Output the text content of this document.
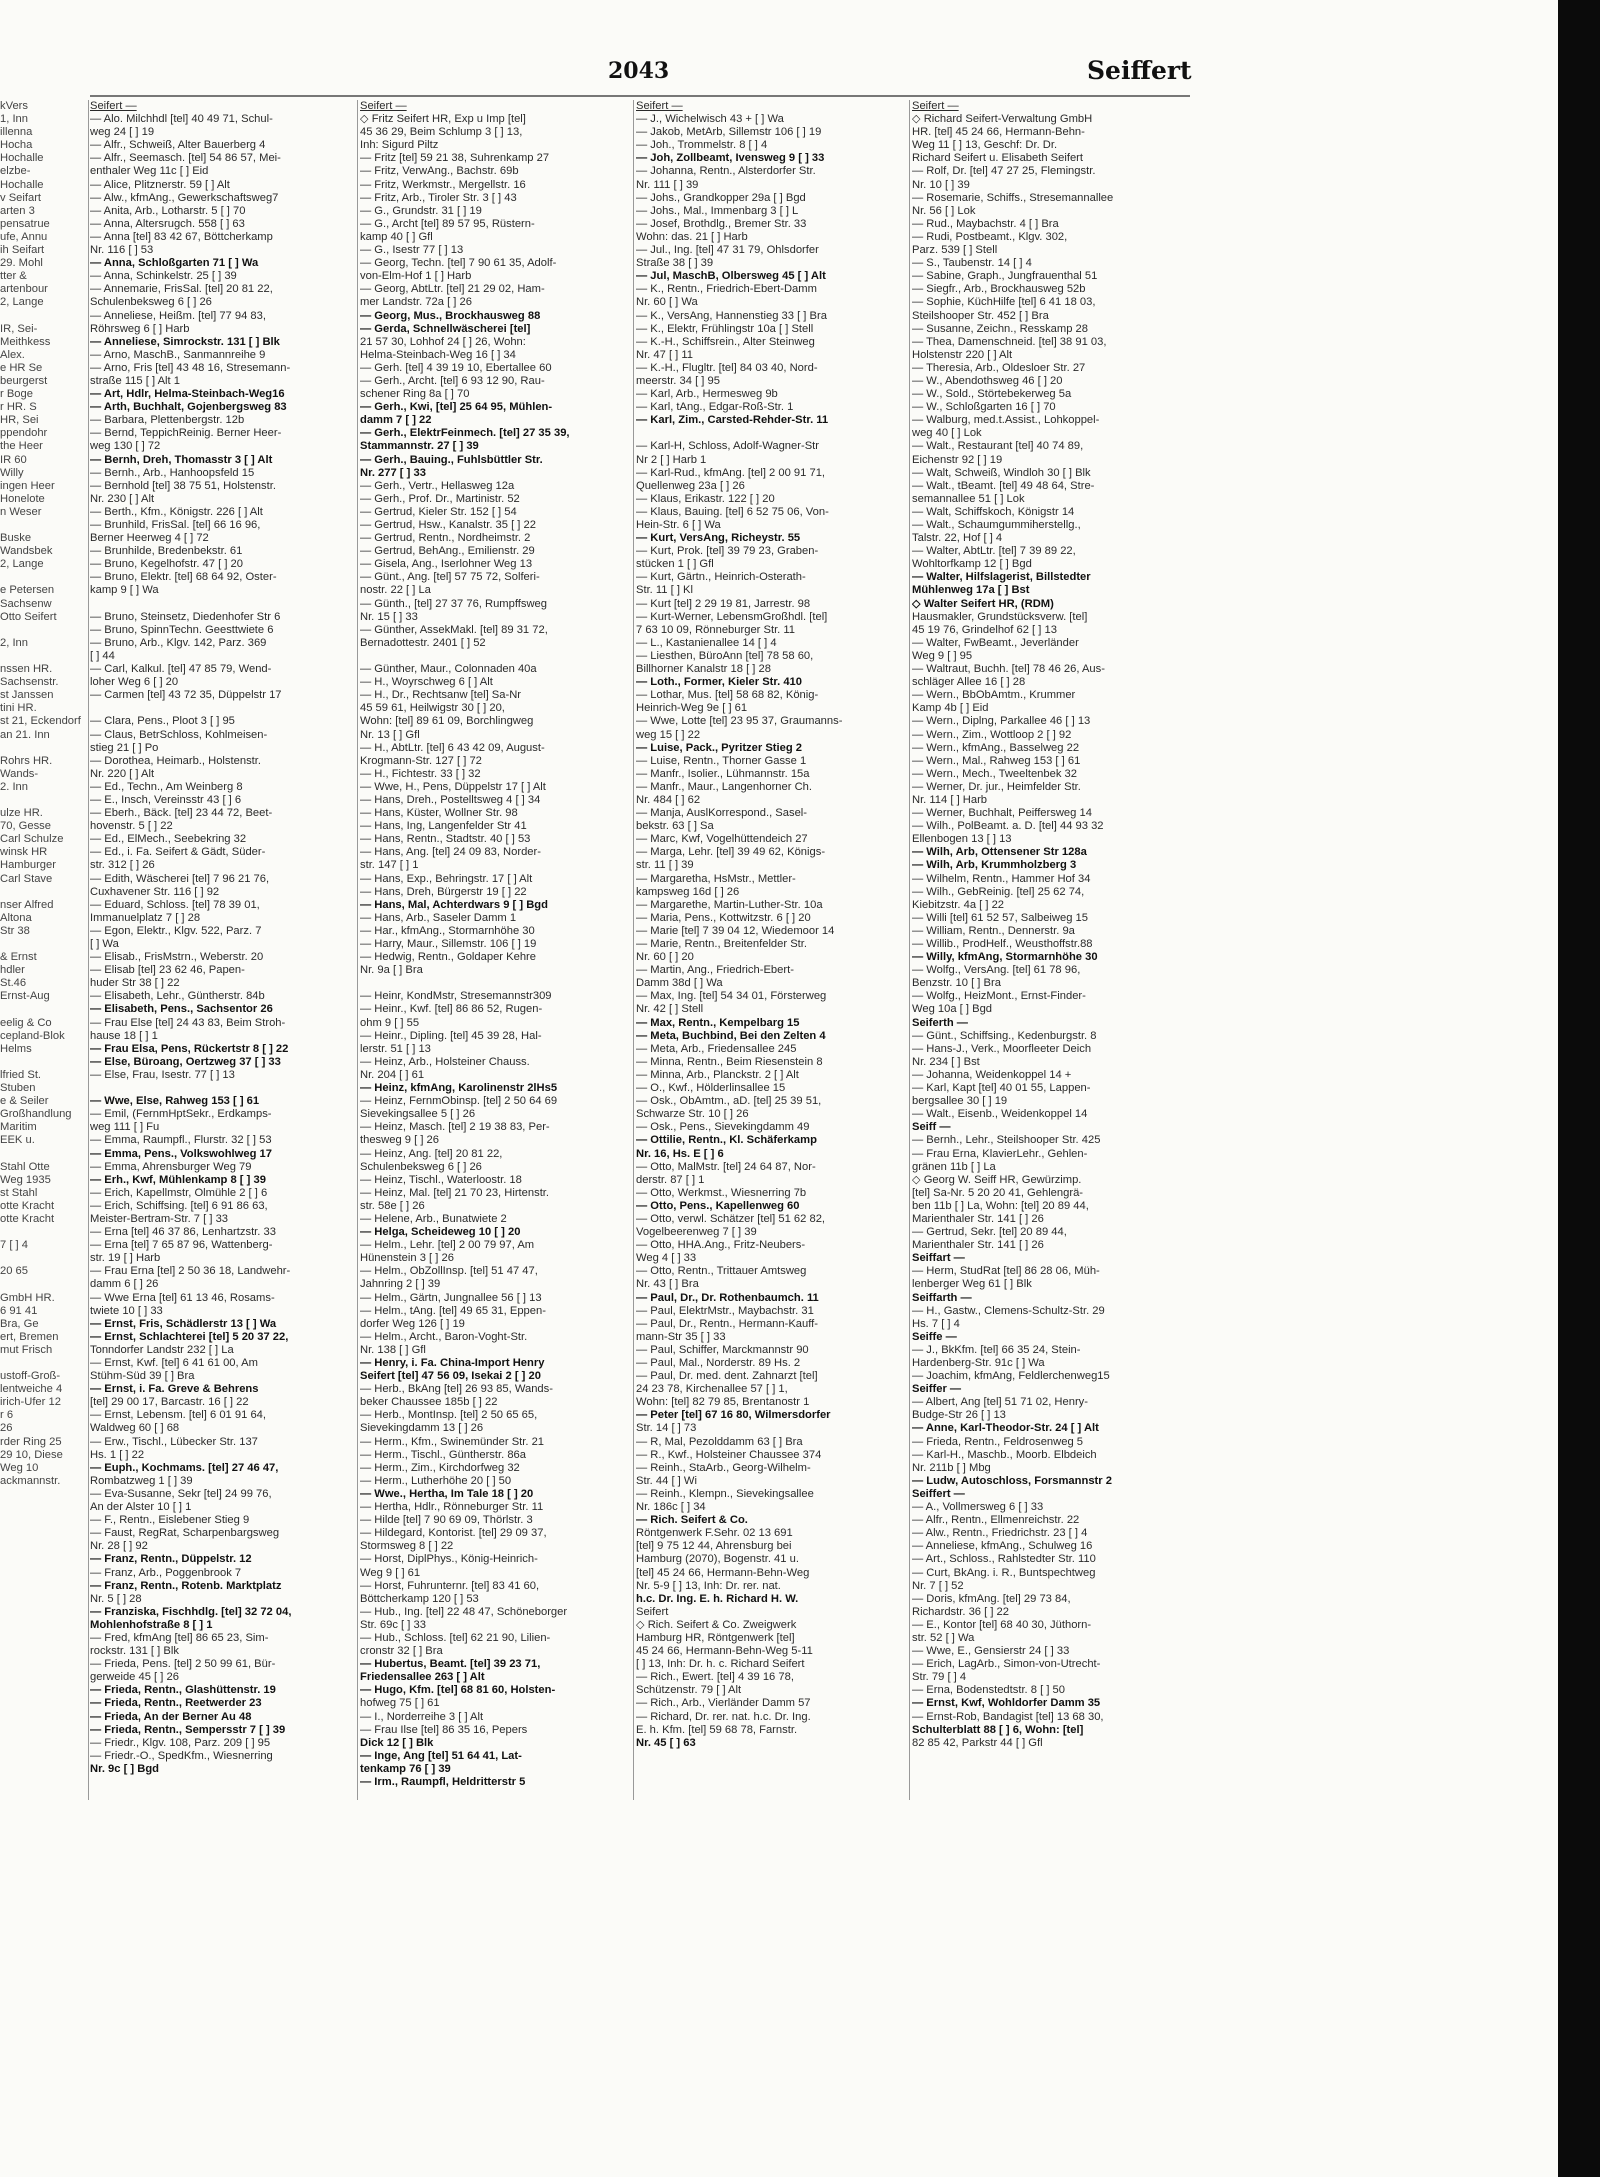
2043	Seiffert
kVers
1, Inn
illenna
Hocha
Hochalle
elzbe-
Hochalle
v Seifart
arten 3
pensatrue
ufe, Annu
ih Seifart
29. Mohl
tter &
artenbour
2, Lange

IR, Sei-
Meithkess
Alex.
e HR Se
beurgerst
r Boge
r HR. S
HR, Sei
ppendohr
the Heer
IR 60
Willy
ingen Heer
Honelote
n Weser

Buske
Wandsbek
2, Lange

e Petersen
Sachsenw
Otto Seifert

2, Inn

nssen HR.
Sachsenstr.
st Janssen
tini HR.
st 21, Eckendorf
an 21. Inn

Rohrs HR.
Wands-
2. Inn

ulze HR.
70, Gesse
Carl Schulze
winsk HR
Hamburger
Carl Stave

nser Alfred
Altona
Str 38

& Ernst
hdler
St.46
Ernst-Aug

eelig & Co
cepland-Blok
Helms

lfried St.
Stuben
e & Seiler
Großhandlung
Maritim
EEK u.

Stahl Otte
Weg 1935
st Stahl
otte Kracht
otte Kracht

7 [ ] 4

20 65

GmbH HR.
6 91 41
Bra, Ge
ert, Bremen
mut Frisch

ustoff-Groß-
lentweiche 4
irich-Ufer 12
r 6
26
rder Ring 25
29 10, Diese
Weg 10
ackmannstr.
Seifert —
— Alo. Milchhdl [tel] 40 49 71, Schul-
weg 24 [ ] 19
— Alfr., Schweiß, Alter Bauerberg 4
— Alfr., Seemasch. [tel] 54 86 57, Mei-
enthaler Weg 11c [ ] Eid
— Alice, Plitznerstr. 59 [ ] Alt
— Alw., kfmAng., Gewerkschaftsweg7
— Anita, Arb., Lotharstr. 5 [ ] 70
— Anna, Altersrugch. 558 [ ] 63
— Anna [tel] 83 42 67, Böttcherkamp
Nr. 116 [ ] 53
— Anna, Schloßgarten 71 [ ] Wa
— Anna, Schinkelstr. 25 [ ] 39
— Annemarie, FrisSal. [tel] 20 81 22,
Schulenbeksweg 6 [ ] 26
— Anneliese, Heißm. [tel] 77 94 83,
Röhrsweg 6 [ ] Harb
— Anneliese, Simrockstr. 131 [ ] Blk
— Arno, MaschB., Sanmannreihe 9
— Arno, Fris [tel] 43 48 16, Stresemann-
straße 115 [ ] Alt 1
— Art, Hdlr, Helma-Steinbach-Weg16
— Arth, Buchhalt, Gojenbergsweg 83
— Barbara, Plettenbergstr. 12b
— Bernd, TeppichReinig. Berner Heer-
weg 130 [ ] 72
— Bernh, Dreh, Thomasstr 3 [ ] Alt
— Bernh., Arb., Hanhoopsfeld 15
— Bernhold [tel] 38 75 51, Holstenstr.
Nr. 230 [ ] Alt
— Berth., Kfm., Königstr. 226 [ ] Alt
— Brunhild, FrisSal. [tel] 66 16 96,
Berner Heerweg 4 [ ] 72
— Brunhilde, Bredenbekstr. 61
— Bruno, Kegelhofstr. 47 [ ] 20
— Bruno, Elektr. [tel] 68 64 92, Oster-
kamp 9 [ ] Wa

— Bruno, Steinsetz, Diedenhofer Str 6
— Bruno, SpinnTechn. Geesttwiete 6
— Bruno, Arb., Klgv. 142, Parz. 369
[ ] 44
— Carl, Kalkul. [tel] 47 85 79, Wend-
loher Weg 6 [ ] 20
— Carmen [tel] 43 72 35, Düppelstr 17

— Clara, Pens., Ploot 3 [ ] 95
— Claus, BetrSchloss, Kohlmeisen-
stieg 21 [ ] Po
— Dorothea, Heimarb., Holstenstr.
Nr. 220 [ ] Alt
— Ed., Techn., Am Weinberg 8
— E., Insch, Vereinsstr 43 [ ] 6
— Eberh., Bäck. [tel] 23 44 72, Beet-
hovenstr. 5 [ ] 22
— Ed., ElMech., Seebekring 32
— Ed., i. Fa. Seifert & Gädt, Süder-
str. 312 [ ] 26
— Edith, Wäscherei [tel] 7 96 21 76,
Cuxhavener Str. 116 [ ] 92
— Eduard, Schloss. [tel] 78 39 01,
Immanuelplatz 7 [ ] 28
— Egon, Elektr., Klgv. 522, Parz. 7
[ ] Wa
— Elisab., FrisMstrn., Weberstr. 20
— Elisab [tel] 23 62 46, Papen-
huder Str 38 [ ] 22
— Elisabeth, Lehr., Güntherstr. 84b
— Elisabeth, Pens., Sachsentor 26
— Frau Else [tel] 24 43 83, Beim Stroh-
hause 18 [ ] 1
— Frau Elsa, Pens, Rückertstr 8 [ ] 22
— Else, Büroang, Oertzweg 37 [ ] 33
— Else, Frau, Isestr. 77 [ ] 13

— Wwe, Else, Rahweg 153 [ ] 61
— Emil, (FernmHptSekr., Erdkamps-
weg 111 [ ] Fu
— Emma, Raumpfl., Flurstr. 32 [ ] 53
— Emma, Pens., Volkswohlweg 17
— Emma, Ahrensburger Weg 79
— Erh., Kwf, Mühlenkamp 8 [ ] 39
— Erich, Kapellmstr, Olmühle 2 [ ] 6
— Erich, Schiffsing. [tel] 6 91 86 63,
Meister-Bertram-Str. 7 [ ] 33
— Erna [tel] 46 37 86, Lenhartzstr. 33
— Erna [tel] 7 65 87 96, Wattenberg-
str. 19 [ ] Harb
— Frau Erna [tel] 2 50 36 18, Landwehr-
damm 6 [ ] 26
— Wwe Erna [tel] 61 13 46, Rosams-
twiete 10 [ ] 33
— Ernst, Fris, Schädlerstr 13 [ ] Wa
— Ernst, Schlachterei [tel] 5 20 37 22,
Tonndorfer Landstr 232 [ ] La
— Ernst, Kwf. [tel] 6 41 61 00, Am
Stühm-Süd 39 [ ] Bra
— Ernst, i. Fa. Greve & Behrens
[tel] 29 00 17, Barcastr. 16 [ ] 22
— Ernst, Lebensm. [tel] 6 01 91 64,
Waldweg 60 [ ] 68
— Erw., Tischl., Lübecker Str. 137
Hs. 1 [ ] 22
— Euph., Kochmams. [tel] 27 46 47,
Rombatzweg 1 [ ] 39
— Eva-Susanne, Sekr [tel] 24 99 76,
An der Alster 10 [ ] 1
— F., Rentn., Eislebener Stieg 9
— Faust, RegRat, Scharpenbargsweg
Nr. 28 [ ] 92
— Franz, Rentn., Düppelstr. 12
— Franz, Arb., Poggenbrook 7
— Franz, Rentn., Rotenb. Marktplatz
Nr. 5 [ ] 28
— Franziska, Fischhdlg. [tel] 32 72 04,
Mohlenhofstraße 8 [ ] 1
— Fred, kfmAng [tel] 86 65 23, Sim-
rockstr. 131 [ ] Blk
— Frieda, Pens. [tel] 2 50 99 61, Bür-
gerweide 45 [ ] 26
— Frieda, Rentn., Glashüttenstr. 19
— Frieda, Rentn., Reetwerder 23
— Frieda, An der Berner Au 48
— Frieda, Rentn., Sempersstr 7 [ ] 39
— Friedr., Klgv. 108, Parz. 209 [ ] 95
— Friedr.-O., SpedKfm., Wiesnerring
Nr. 9c [ ] Bgd
Seifert —
◇ Fritz Seifert HR, Exp u Imp [tel]
45 36 29, Beim Schlump 3 [ ] 13,
Inh: Sigurd Piltz
— Fritz [tel] 59 21 38, Suhrenkamp 27
— Fritz, VerwAng., Bachstr. 69b
— Fritz, Werkmstr., Mergellstr. 16
— Fritz, Arb., Tiroler Str. 3 [ ] 43
— G., Grundstr. 31 [ ] 19
— G., Archt [tel] 89 57 95, Rüstern-
kamp 40 [ ] Gfl
— G., Isestr 77 [ ] 13
— Georg, Techn. [tel] 7 90 61 35, Adolf-
von-Elm-Hof 1 [ ] Harb
— Georg, AbtLtr. [tel] 21 29 02, Ham-
mer Landstr. 72a [ ] 26
— Georg, Mus., Brockhausweg 88
— Gerda, Schnellwäscherei [tel]
21 57 30, Lohhof 24 [ ] 26, Wohn:
Helma-Steinbach-Weg 16 [ ] 34
— Gerh. [tel] 4 39 19 10, Ebertallee 60
— Gerh., Archt. [tel] 6 93 12 90, Rau-
schener Ring 8a [ ] 70
— Gerh., Kwi, [tel] 25 64 95, Mühlen-
damm 7 [ ] 22
— Gerh., ElektrFeinmech. [tel] 27 35 39,
Stammannstr. 27 [ ] 39
— Gerh., Bauing., Fuhlsbüttler Str.
Nr. 277 [ ] 33
— Gerh., Vertr., Hellasweg 12a
— Gerh., Prof. Dr., Martinistr. 52
— Gertrud, Kieler Str. 152 [ ] 54
— Gertrud, Hsw., Kanalstr. 35 [ ] 22
— Gertrud, Rentn., Nordheimstr. 2
— Gertrud, BehAng., Emilienstr. 29
— Gisela, Ang., Iserlohner Weg 13
— Günt., Ang. [tel] 57 75 72, Solferi-
nostr. 22 [ ] La
— Günth., [tel] 27 37 76, Rumpffsweg
Nr. 15 [ ] 33
— Günther, AssekMakl. [tel] 89 31 72,
Bernadottestr. 2401 [ ] 52

— Günther, Maur., Colonnaden 40a
— H., Woyrschweg 6 [ ] Alt
— H., Dr., Rechtsanw [tel] Sa-Nr
45 59 61, Heilwigstr 30 [ ] 20,
Wohn: [tel] 89 61 09, Borchlingweg
Nr. 13 [ ] Gfl
— H., AbtLtr. [tel] 6 43 42 09, August-
Krogmann-Str. 127 [ ] 72
— H., Fichtestr. 33 [ ] 32
— Wwe, H., Pens, Düppelstr 17 [ ] Alt
— Hans, Dreh., Postelltsweg 4 [ ] 34
— Hans, Küster, Wollner Str. 98
— Hans, Ing, Langenfelder Str 41
— Hans, Rentn., Stadtstr. 40 [ ] 53
— Hans, Ang. [tel] 24 09 83, Norder-
str. 147 [ ] 1
— Hans, Exp., Behringstr. 17 [ ] Alt
— Hans, Dreh, Bürgerstr 19 [ ] 22
— Hans, Mal, Achterdwars 9 [ ] Bgd
— Hans, Arb., Saseler Damm 1
— Har., kfmAng., Stormarnhöhe 30
— Harry, Maur., Sillemstr. 106 [ ] 19
— Hedwig, Rentn., Goldaper Kehre
Nr. 9a [ ] Bra

— Heinr, KondMstr, Stresemannstr309
— Heinr., Kwf. [tel] 86 86 52, Rugen-
ohm 9 [ ] 55
— Heinr., Dipling. [tel] 45 39 28, Hal-
lerstr. 51 [ ] 13
— Heinz, Arb., Holsteiner Chauss.
Nr. 204 [ ] 61
— Heinz, kfmAng, Karolinenstr 2lHs5
— Heinz, FernmObinsp. [tel] 2 50 64 69
Sievekingsallee 5 [ ] 26
— Heinz, Masch. [tel] 2 19 38 83, Per-
thesweg 9 [ ] 26
— Heinz, Ang. [tel] 20 81 22,
Schulenbeksweg 6 [ ] 26
— Heinz, Tischl., Waterloostr. 18
— Heinz, Mal. [tel] 21 70 23, Hirtenstr.
str. 58e [ ] 26
— Helene, Arb., Bunatwiete 2
— Helga, Scheideweg 10 [ ] 20
— Helm., Lehr. [tel] 2 00 79 97, Am
Hünenstein 3 [ ] 26
— Helm., ObZollInsp. [tel] 51 47 47,
Jahnring 2 [ ] 39
— Helm., Gärtn, Jungnallee 56 [ ] 13
— Helm., tAng. [tel] 49 65 31, Eppen-
dorfer Weg 126 [ ] 19
— Helm., Archt., Baron-Voght-Str.
Nr. 138 [ ] Gfl
— Henry, i. Fa. China-Import Henry
Seifert [tel] 47 56 09, Isekai 2 [ ] 20
— Herb., BkAng [tel] 26 93 85, Wands-
beker Chaussee 185b [ ] 22
— Herb., MontInsp. [tel] 2 50 65 65,
Sievekingdamm 13 [ ] 26
— Herm., Kfm., Swinemünder Str. 21
— Herm., Tischl., Güntherstr. 86a
— Herm., Zim., Kirchdorfweg 32
— Herm., Lutherhöhe 20 [ ] 50
— Wwe., Hertha, Im Tale 18 [ ] 20
— Hertha, Hdlr., Rönneburger Str. 11
— Hilde [tel] 7 90 69 09, Thörlstr. 3
— Hildegard, Kontorist. [tel] 29 09 37,
Stormsweg 8 [ ] 22
— Horst, DiplPhys., König-Heinrich-
Weg 9 [ ] 61
— Horst, Fuhrunternr. [tel] 83 41 60,
Böttcherkamp 120 [ ] 53
— Hub., Ing. [tel] 22 48 47, Schöneborger
Str. 69c [ ] 33
— Hub., Schloss. [tel] 62 21 90, Lilien-
cronstr 32 [ ] Bra
— Hubertus, Beamt. [tel] 39 23 71,
Friedensallee 263 [ ] Alt
— Hugo, Kfm. [tel] 68 81 60, Holsten-
hofweg 75 [ ] 61
— I., Norderreihe 3 [ ] Alt
— Frau Ilse [tel] 86 35 16, Pepers
Dick 12 [ ] Blk
— Inge, Ang [tel] 51 64 41, Lat-
tenkamp 76 [ ] 39
— Irm., Raumpfl, Heldritterstr 5
Seifert —
— J., Wichelwisch 43 + [ ] Wa
— Jakob, MetArb, Sillemstr 106 [ ] 19
— Joh., Trommelstr. 8 [ ] 4
— Joh, Zollbeamt, Ivensweg 9 [ ] 33
— Johanna, Rentn., Alsterdorfer Str.
Nr. 111 [ ] 39
— Johs., Grandkopper 29a [ ] Bgd
— Johs., Mal., Immenbarg 3 [ ] L
— Josef, Brothdlg., Bremer Str. 33
Wohn: das. 21 [ ] Harb
— Jul., Ing. [tel] 47 31 79, Ohlsdorfer
Straße 38 [ ] 39
— Jul, MaschB, Olbersweg 45 [ ] Alt
— K., Rentn., Friedrich-Ebert-Damm
Nr. 60 [ ] Wa
— K., VersAng, Hannenstieg 33 [ ] Bra
— K., Elektr, Frühlingstr 10a [ ] Stell
— K.-H., Schiffsrein., Alter Steinweg
Nr. 47 [ ] 11
— K.-H., Flugltr. [tel] 84 03 40, Nord-
meerstr. 34 [ ] 95
— Karl, Arb., Hermesweg 9b
— Karl, tAng., Edgar-Roß-Str. 1
— Karl, Zim., Carsted-Rehder-Str. 11

— Karl-H, Schloss, Adolf-Wagner-Str
Nr 2 [ ] Harb 1
— Karl-Rud., kfmAng. [tel] 2 00 91 71,
Quellenweg 23a [ ] 26
— Klaus, Erikastr. 122 [ ] 20
— Klaus, Bauing. [tel] 6 52 75 06, Von-
Hein-Str. 6 [ ] Wa
— Kurt, VersAng, Richeystr. 55
— Kurt, Prok. [tel] 39 79 23, Graben-
stücken 1 [ ] Gfl
— Kurt, Gärtn., Heinrich-Osterath-
Str. 11 [ ] Kl
— Kurt [tel] 2 29 19 81, Jarrestr. 98
— Kurt-Werner, LebensmGroßhdl. [tel]
7 63 10 09, Rönneburger Str. 11
— L., Kastanienallee 14 [ ] 4
— Liesthen, BüroAnn [tel] 78 58 60,
Billhorner Kanalstr 18 [ ] 28
— Loth., Former, Kieler Str. 410
— Lothar, Mus. [tel] 58 68 82, König-
Heinrich-Weg 9e [ ] 61
— Wwe, Lotte [tel] 23 95 37, Graumanns-
weg 15 [ ] 22
— Luise, Pack., Pyritzer Stieg 2
— Luise, Rentn., Thorner Gasse 1
— Manfr., Isolier., Lühmannstr. 15a
— Manfr., Maur., Langenhorner Ch.
Nr. 484 [ ] 62
— Manja, AuslKorrespond., Sasel-
bekstr. 63 [ ] Sa
— Marc, Kwf, Vogelhüttendeich 27
— Marga, Lehr. [tel] 39 49 62, Königs-
str. 11 [ ] 39
— Margaretha, HsMstr., Mettler-
kampsweg 16d [ ] 26
— Margarethe, Martin-Luther-Str. 10a
— Maria, Pens., Kottwitzstr. 6 [ ] 20
— Marie [tel] 7 39 04 12, Wiedemoor 14
— Marie, Rentn., Breitenfelder Str.
Nr. 60 [ ] 20
— Martin, Ang., Friedrich-Ebert-
Damm 38d [ ] Wa
— Max, Ing. [tel] 54 34 01, Försterweg
Nr. 42 [ ] Stell
— Max, Rentn., Kempelbarg 15
— Meta, Buchbind, Bei den Zelten 4
— Meta, Arb., Friedensallee 245
— Minna, Rentn., Beim Riesenstein 8
— Minna, Arb., Planckstr. 2 [ ] Alt
— O., Kwf., Hölderlinsallee 15
— Osk., ObAmtm., aD. [tel] 25 39 51,
Schwarze Str. 10 [ ] 26
— Osk., Pens., Sievekingdamm 49
— Ottilie, Rentn., Kl. Schäferkamp
Nr. 16, Hs. E [ ] 6
— Otto, MalMstr. [tel] 24 64 87, Nor-
derstr. 87 [ ] 1
— Otto, Werkmst., Wiesnerring 7b
— Otto, Pens., Kapellenweg 60
— Otto, verwl. Schätzer [tel] 51 62 82,
Vogelbeerenweg 7 [ ] 39
— Otto, HHA.Ang., Fritz-Neubers-
Weg 4 [ ] 33
— Otto, Rentn., Trittauer Amtsweg
Nr. 43 [ ] Bra
— Paul, Dr., Dr. Rothenbaumch. 11
— Paul, ElektrMstr., Maybachstr. 31
— Paul, Dr., Rentn., Hermann-Kauff-
mann-Str 35 [ ] 33
— Paul, Schiffer, Marckmannstr 90
— Paul, Mal., Norderstr. 89 Hs. 2
— Paul, Dr. med. dent. Zahnarzt [tel]
24 23 78, Kirchenallee 57 [ ] 1,
Wohn: [tel] 82 79 85, Brentanostr 1
— Peter [tel] 67 16 80, Wilmersdorfer
Str. 14 [ ] 73
— R, Mal, Pezolddamm 63 [ ] Bra
— R., Kwf., Holsteiner Chaussee 374
— Reinh., StaArb., Georg-Wilhelm-
Str. 44 [ ] Wi
— Reinh., Klempn., Sievekingsallee
Nr. 186c [ ] 34
— Rich. Seifert & Co.
Röntgenwerk F.Sehr. 02 13 691
[tel] 9 75 12 44, Ahrensburg bei
Hamburg (2070), Bogenstr. 41 u.
[tel] 45 24 66, Hermann-Behn-Weg
Nr. 5-9 [ ] 13, Inh: Dr. rer. nat.
h.c. Dr. Ing. E. h. Richard H. W.
Seifert
◇ Rich. Seifert & Co. Zweigwerk
Hamburg HR, Röntgenwerk [tel]
45 24 66, Hermann-Behn-Weg 5-11
[ ] 13, Inh: Dr. h. c. Richard Seifert
— Rich., Ewert. [tel] 4 39 16 78,
Schützenstr. 79 [ ] Alt
— Rich., Arb., Vierländer Damm 57
— Richard, Dr. rer. nat. h.c. Dr. Ing.
E. h. Kfm. [tel] 59 68 78, Farnstr.
Nr. 45 [ ] 63
Seifert —
◇ Richard Seifert-Verwaltung GmbH
HR. [tel] 45 24 66, Hermann-Behn-
Weg 11 [ ] 13, Geschf: Dr. Dr.
Richard Seifert u. Elisabeth Seifert
— Rolf, Dr. [tel] 47 27 25, Flemingstr.
Nr. 10 [ ] 39
— Rosemarie, Schiffs., Stresemannallee
Nr. 56 [ ] Lok
— Rud., Maybachstr. 4 [ ] Bra
— Rudi, Postbeamt., Klgv. 302,
Parz. 539 [ ] Stell
— S., Taubenstr. 14 [ ] 4
— Sabine, Graph., Jungfrauenthal 51
— Siegfr., Arb., Brockhausweg 52b
— Sophie, KüchHilfe [tel] 6 41 18 03,
Steilshooper Str. 452 [ ] Bra
— Susanne, Zeichn., Resskamp 28
— Thea, Damenschneid. [tel] 38 91 03,
Holstenstr 220 [ ] Alt
— Theresia, Arb., Oldesloer Str. 27
— W., Abendothsweg 46 [ ] 20
— W., Sold., Störtebekerweg 5a
— W., Schloßgarten 16 [ ] 70
— Walburg, med.t.Assist., Lohkoppel-
weg 40 [ ] Lok
— Walt., Restaurant [tel] 40 74 89,
Eichenstr 92 [ ] 19
— Walt, Schweiß, Windloh 30 [ ] Blk
— Walt., tBeamt. [tel] 49 48 64, Stre-
semannallee 51 [ ] Lok
— Walt, Schiffskoch, Königstr 14
— Walt., Schaumgummiherstellg.,
Talstr. 22, Hof [ ] 4
— Walter, AbtLtr. [tel] 7 39 89 22,
Wohltorfkamp 12 [ ] Bgd
— Walter, Hilfslagerist, Billstedter
Mühlenweg 17a [ ] Bst
◇ Walter Seifert HR, (RDM)
Hausmakler, Grundstücksverw. [tel]
45 19 76, Grindelhof 62 [ ] 13
— Walter, FwBeamt., Jeverländer
Weg 9 [ ] 95
— Waltraut, Buchh. [tel] 78 46 26, Aus-
schläger Allee 16 [ ] 28
— Wern., BbObAmtm., Krummer
Kamp 4b [ ] Eid
— Wern., Diplng, Parkallee 46 [ ] 13
— Wern., Zim., Wottloop 2 [ ] 92
— Wern., kfmAng., Basselweg 22
— Wern., Mal., Rahweg 153 [ ] 61
— Wern., Mech., Tweeltenbek 32
— Werner, Dr. jur., Heimfelder Str.
Nr. 114 [ ] Harb
— Werner, Buchhalt, Peiffersweg 14
— Wilh., PolBeamt. a. D. [tel] 44 93 32
Ellenbogen 13 [ ] 13
— Wilh, Arb, Ottensener Str 128a
— Wilh, Arb, Krummholzberg 3
— Wilhelm, Rentn., Hammer Hof 34
— Wilh., GebReinig. [tel] 25 62 74,
Kiebitzstr. 4a [ ] 22
— Willi [tel] 61 52 57, Salbeiweg 15
— William, Rentn., Dennerstr. 9a
— Willib., ProdHelf., Weusthoffstr.88
— Willy, kfmAng, Stormarnhöhe 30
— Wolfg., VersAng. [tel] 61 78 96,
Benzstr. 10 [ ] Bra
— Wolfg., HeizMont., Ernst-Finder-
Weg 10a [ ] Bgd
Seiferth —
— Günt., Schiffsing., Kedenburgstr. 8
— Hans-J., Verk., Moorfleeter Deich
Nr. 234 [ ] Bst
— Johanna, Weidenkoppel 14 +
— Karl, Kapt [tel] 40 01 55, Lappen-
bergsallee 30 [ ] 19
— Walt., Eisenb., Weidenkoppel 14
Seiff —
— Bernh., Lehr., Steilshooper Str. 425
— Frau Erna, KlavierLehr., Gehlen-
gränen 11b [ ] La
◇ Georg W. Seiff HR, Gewürzimp.
[tel] Sa-Nr. 5 20 20 41, Gehlengrä-
ben 11b [ ] La, Wohn: [tel] 20 89 44,
Marienthaler Str. 141 [ ] 26
— Gertrud, Sekr. [tel] 20 89 44,
Marienthaler Str. 141 [ ] 26
Seiffart —
— Herm, StudRat [tel] 86 28 06, Müh-
lenberger Weg 61 [ ] Blk
Seiffarth —
— H., Gastw., Clemens-Schultz-Str. 29
Hs. 7 [ ] 4
Seiffe —
— J., BkKfm. [tel] 66 35 24, Stein-
Hardenberg-Str. 91c [ ] Wa
— Joachim, kfmAng, Feldlerchenweg15
Seiffer —
— Albert, Ang [tel] 51 71 02, Henry-
Budge-Str 26 [ ] 13
— Anne, Karl-Theodor-Str. 24 [ ] Alt
— Frieda, Rentn., Feldrosenweg 5
— Karl-H., Maschb., Moorb. Elbdeich
Nr. 211b [ ] Mbg
— Ludw, Autoschloss, Forsmannstr 2
Seiffert —
— A., Vollmersweg 6 [ ] 33
— Alfr., Rentn., Ellmenreichstr. 22
— Alw., Rentn., Friedrichstr. 23 [ ] 4
— Anneliese, kfmAng., Schulweg 16
— Art., Schloss., Rahlstedter Str. 110
— Curt, BkAng. i. R., Buntspechtweg
Nr. 7 [ ] 52
— Doris, kfmAng. [tel] 29 73 84,
Richardstr. 36 [ ] 22
— E., Kontor [tel] 68 40 30, Jüthorn-
str. 52 [ ] Wa
— Wwe, E., Gensierstr 24 [ ] 33
— Erich, LagArb., Simon-von-Utrecht-
Str. 79 [ ] 4
— Erna, Bodenstedtstr. 8 [ ] 50
— Ernst, Kwf, Wohldorfer Damm 35
— Ernst-Rob, Bandagist [tel] 13 68 30,
Schulterblatt 88 [ ] 6, Wohn: [tel]
82 85 42, Parkstr 44 [ ] Gfl
